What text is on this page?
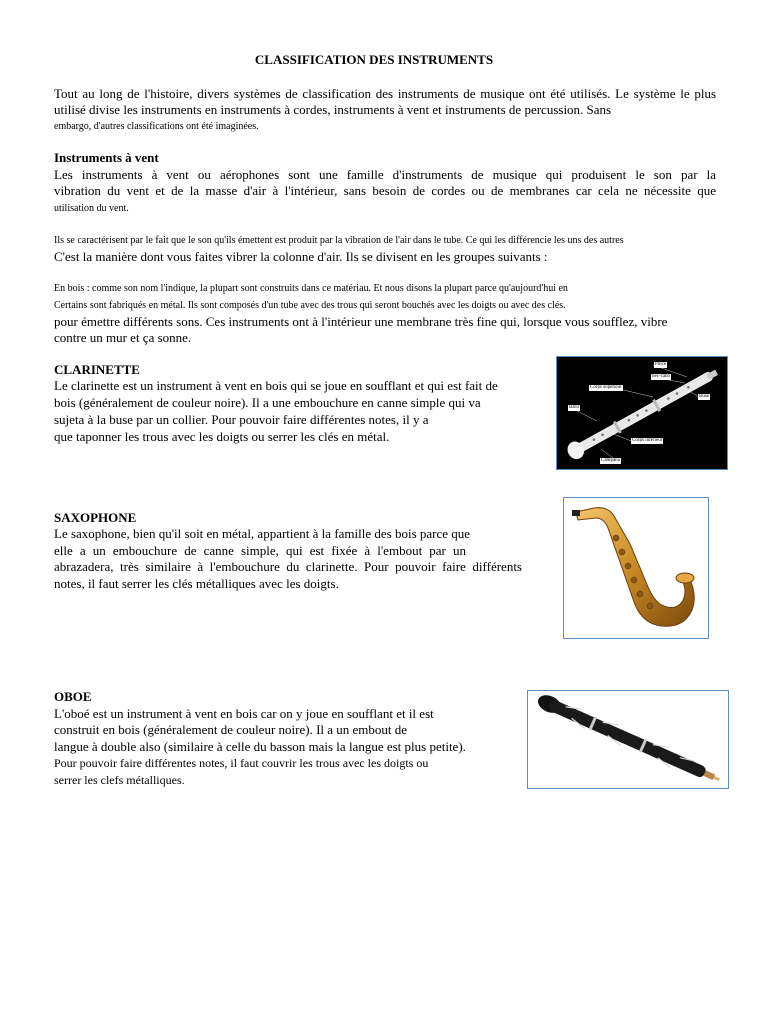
CLASSIFICATION DES INSTRUMENTS
Tout au long de l'histoire, divers systèmes de classification des instruments de musique ont été utilisés. Le système le plus
utilisé divise les instruments en instruments à cordes, instruments à vent et instruments de percussion. Sans
embargo, d'autres classifications ont été imaginées.
Instruments à vent
Les instruments à vent ou aérophones sont une famille d'instruments de musique qui produisent le son par la
vibration du vent et de la masse d'air à l'intérieur, sans besoin de cordes ou de membranes car cela ne nécessite que
utilisation du vent.
Ils se caractérisent par le fait que le son qu'ils émettent est produit par la vibration de l'air dans le tube. Ce qui les différencie les uns des autres
C'est la manière dont vous faites vibrer la colonne d'air. Ils se divisent en les groupes suivants :
En bois : comme son nom l'indique, la plupart sont construits dans ce matériau. Et nous disons la plupart parce qu'aujourd'hui en
Certains sont fabriqués en métal. Ils sont composés d'un tube avec des trous qui seront bouchés avec les doigts ou avec des clés.
pour émettre différents sons. Ces instruments ont à l'intérieur une membrane très fine qui, lorsque vous soufflez, vibre
contre un mur et ça sonne.
CLARINETTE
Le clarinette est un instrument à vent en bois qui se joue en soufflant et qui est fait de
bois (généralement de couleur noire). Il a une embouchure en canne simple qui va
sujeta à la buse par un collier. Pour pouvoir faire différentes notes, il y a
que taponner les trous avec les doigts ou serrer les clés en métal.
Pince
bec-cano
Corps supérieur
Buse
Baril
Corps inférieur
Campana
SAXOPHONE
Le saxophone, bien qu'il soit en métal, appartient à la famille des bois parce que
elle a un embouchure de canne simple, qui est fixée à l'embout par un
abrazadera, très similaire à l'embouchure du clarinette. Pour pouvoir faire différents
notes, il faut serrer les clés métalliques avec les doigts.
OBOE
L'oboé est un instrument à vent en bois car on y joue en soufflant et il est
construit en bois (généralement de couleur noire). Il a un embout de
langue à double also (similaire à celle du basson mais la langue est plus petite).
Pour pouvoir faire différentes notes, il faut couvrir les trous avec les doigts ou
serrer les clefs métalliques.
